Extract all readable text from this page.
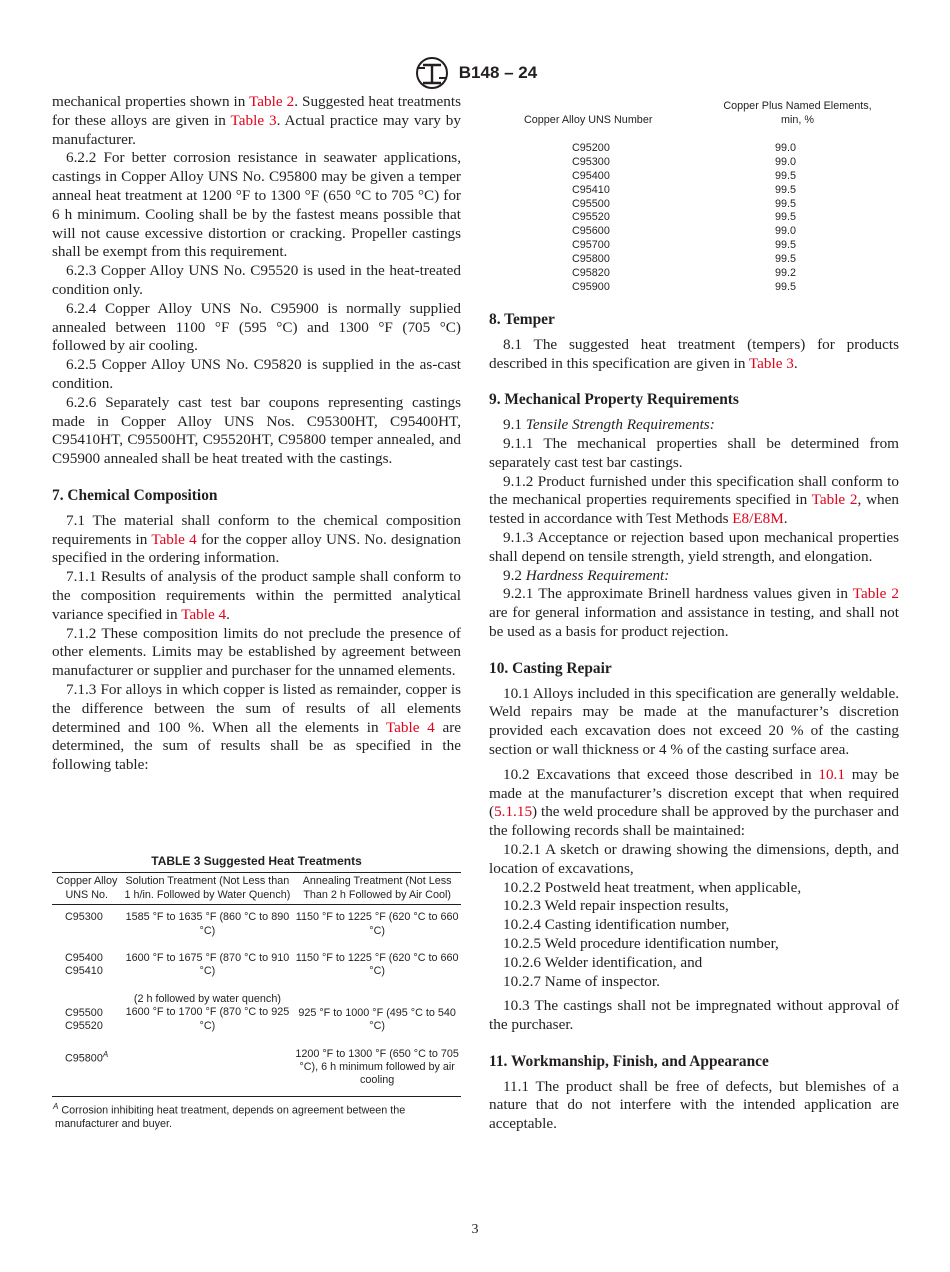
B148 – 24

mechanical properties shown in Table 2. Suggested heat treatments for these alloys are given in Table 3. Actual practice may vary by manufacturer.

6.2.2 For better corrosion resistance in seawater applications, castings in Copper Alloy UNS No. C95800 may be given a temper anneal heat treatment at 1200 °F to 1300 °F (650 °C to 705 °C) for 6 h minimum. Cooling shall be by the fastest means possible that will not cause excessive distortion or cracking. Propeller castings shall be exempt from this requirement.

6.2.3 Copper Alloy UNS No. C95520 is used in the heat-treated condition only.

6.2.4 Copper Alloy UNS No. C95900 is normally supplied annealed between 1100 °F (595 °C) and 1300 °F (705 °C) followed by air cooling.

6.2.5 Copper Alloy UNS No. C95820 is supplied in the as-cast condition.

6.2.6 Separately cast test bar coupons representing castings made in Copper Alloy UNS Nos. C95300HT, C95400HT, C95410HT, C95500HT, C95520HT, C95800 temper annealed, and C95900 annealed shall be heat treated with the castings.

7. Chemical Composition

7.1 The material shall conform to the chemical composition requirements in Table 4 for the copper alloy UNS. No. designation specified in the ordering information.

7.1.1 Results of analysis of the product sample shall conform to the composition requirements within the permitted analytical variance specified in Table 4.

7.1.2 These composition limits do not preclude the presence of other elements. Limits may be established by agreement between manufacturer or supplier and purchaser for the unnamed elements.

7.1.3 For alloys in which copper is listed as remainder, copper is the difference between the sum of results of all elements determined and 100 %. When all the elements in Table 4 are determined, the sum of results shall be as specified in the following table:

TABLE 3 Suggested Heat Treatments
Copper Alloy UNS No.	Solution Treatment (Not Less than 1 h/in. Followed by Water Quench)	Annealing Treatment (Not Less Than 2 h Followed by Air Cool)
C95300	1585 °F to 1635 °F (860 °C to 890 °C)	1150 °F to 1225 °F (620 °C to 660 °C)
C95400 C95410	1600 °F to 1675 °F (870 °C to 910 °C)	1150 °F to 1225 °F (620 °C to 660 °C)
C95500 C95520	(2 h followed by water quench) 1600 °F to 1700 °F (870 °C to 925 °C)	925 °F to 1000 °F (495 °C to 540 °C)
$C95800^A$		1200 °F to 1300 °F (650 °C to 705 °C), 6 h minimum followed by air cooling
$^A$ Corrosion inhibiting heat treatment, depends on agreement between the manufacturer and buyer.
Copper Alloy UNS Number
Copper Plus Named Elements, min, %
C95200	99.0
C95300	99.0
C95400	99.5
C95410	99.5
C95500	99.5
C95520	99.5
C95600	99.0
C95700	99.5
C95800	99.5
C95820	99.2
C95900	99.5

8. Temper

8.1 The suggested heat treatment (tempers) for products described in this specification are given in Table 3.

9. Mechanical Property Requirements

9.1 Tensile Strength Requirements:

9.1.1 The mechanical properties shall be determined from separately cast test bar castings.

9.1.2 Product furnished under this specification shall conform to the mechanical properties requirements specified in Table 2, when tested in accordance with Test Methods E8/E8M.

9.1.3 Acceptance or rejection based upon mechanical properties shall depend on tensile strength, yield strength, and elongation.

9.2 Hardness Requirement:

9.2.1 The approximate Brinell hardness values given in Table 2 are for general information and assistance in testing, and shall not be used as a basis for product rejection.

10. Casting Repair

10.1 Alloys included in this specification are generally weldable. Weld repairs may be made at the manufacturer’s discretion provided each excavation does not exceed 20 % of the casting section or wall thickness or 4 % of the casting surface area.

10.2 Excavations that exceed those described in 10.1 may be made at the manufacturer’s discretion except that when required (5.1.15) the weld procedure shall be approved by the purchaser and the following records shall be maintained:

10.2.1 A sketch or drawing showing the dimensions, depth, and location of excavations,

10.2.2 Postweld heat treatment, when applicable,

10.2.3 Weld repair inspection results,

10.2.4 Casting identification number,

10.2.5 Weld procedure identification number,

10.2.6 Welder identification, and

10.2.7 Name of inspector.

10.3 The castings shall not be impregnated without approval of the purchaser.

11. Workmanship, Finish, and Appearance

11.1 The product shall be free of defects, but blemishes of a nature that do not interfere with the intended application are acceptable.

3
